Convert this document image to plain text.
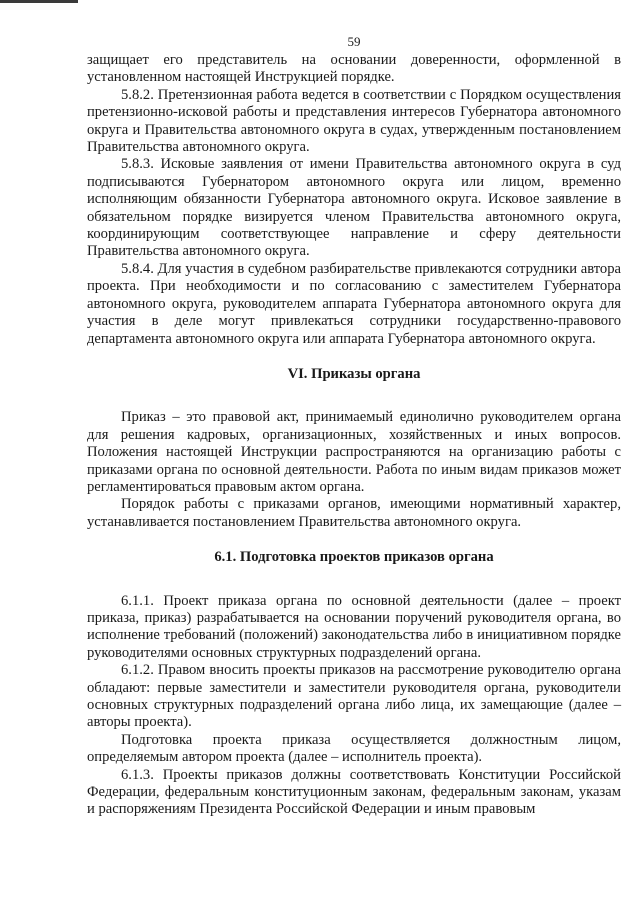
59

защищает его представитель на основании доверенности, оформленной в установленном настоящей Инструкцией порядке.

5.8.2. Претензионная работа ведется в соответствии с Порядком осуществления претензионно-исковой работы и представления интересов Губернатора автономного округа и Правительства автономного округа в судах, утвержденным постановлением Правительства автономного округа.

5.8.3. Исковые заявления от имени Правительства автономного округа в суд подписываются Губернатором автономного округа или лицом, временно исполняющим обязанности Губернатора автономного округа. Исковое заявление в обязательном порядке визируется членом Правительства автономного округа, координирующим соответствующее направление и сферу деятельности Правительства автономного округа.

5.8.4. Для участия в судебном разбирательстве привлекаются сотрудники автора проекта. При необходимости и по согласованию с заместителем Губернатора автономного округа, руководителем аппарата Губернатора автономного округа для участия в деле могут привлекаться сотрудники государственно-правового департамента автономного округа или аппарата Губернатора автономного округа.

VI. Приказы органа

Приказ – это правовой акт, принимаемый единолично руководителем органа для решения кадровых, организационных, хозяйственных и иных вопросов. Положения настоящей Инструкции распространяются на организацию работы с приказами органа по основной деятельности. Работа по иным видам приказов может регламентироваться правовым актом органа.

Порядок работы с приказами органов, имеющими нормативный характер, устанавливается постановлением Правительства автономного округа.

6.1. Подготовка проектов приказов органа

6.1.1. Проект приказа органа по основной деятельности (далее – проект приказа, приказ) разрабатывается на основании поручений руководителя органа, во исполнение требований (положений) законодательства либо в инициативном порядке руководителями основных структурных подразделений органа.

6.1.2. Правом вносить проекты приказов на рассмотрение руководителю органа обладают: первые заместители и заместители руководителя органа, руководители основных структурных подразделений органа либо лица, их замещающие (далее – авторы проекта).

Подготовка проекта приказа осуществляется должностным лицом, определяемым автором проекта (далее – исполнитель проекта).

6.1.3. Проекты приказов должны соответствовать Конституции Российской Федерации, федеральным конституционным законам, федеральным законам, указам и распоряжениям Президента Российской Федерации и иным правовым
